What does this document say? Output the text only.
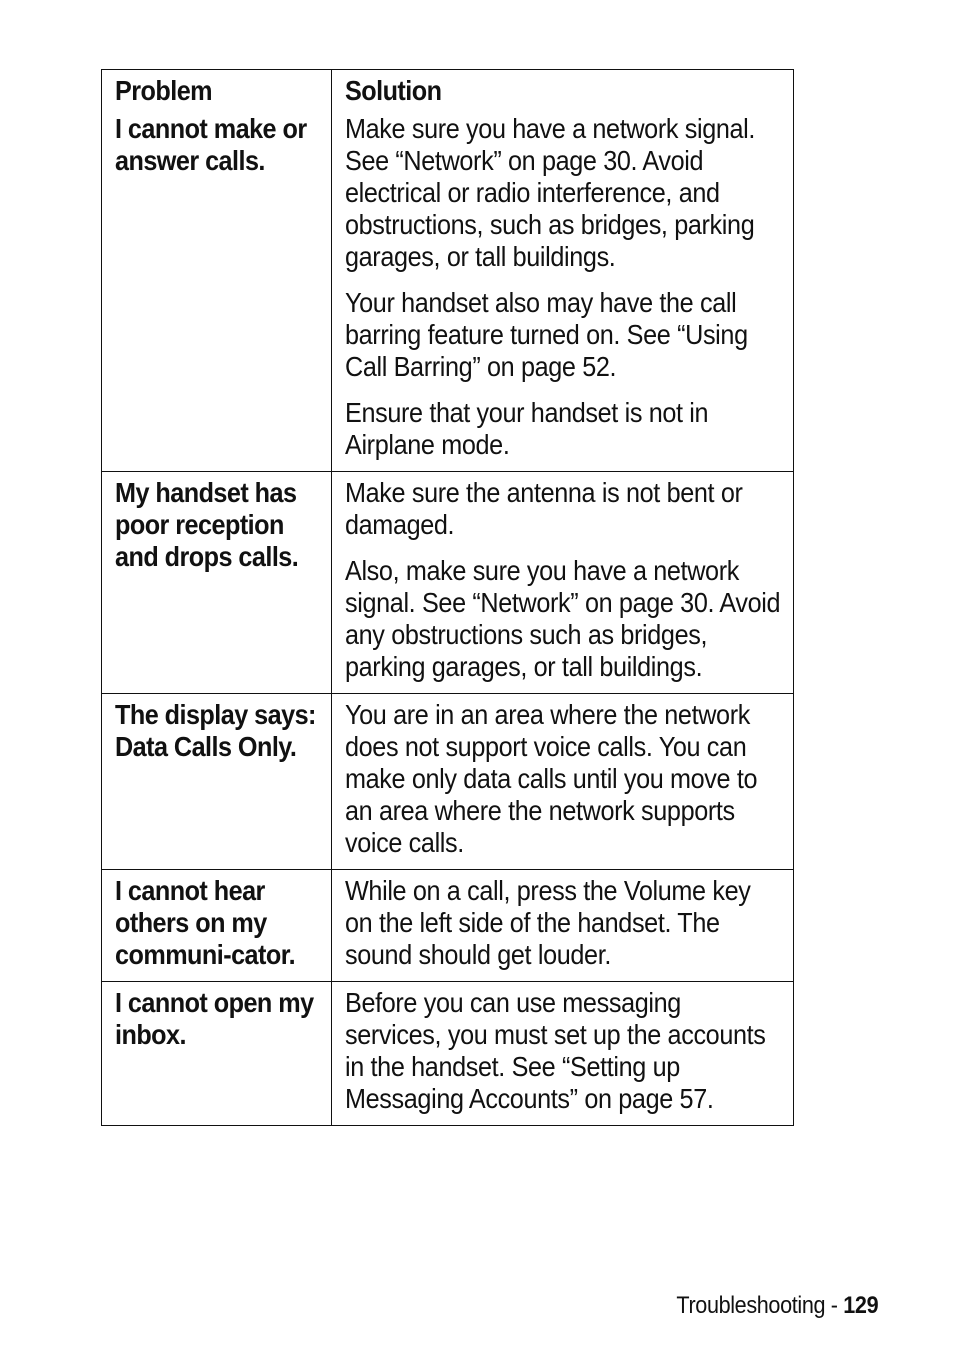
Problem	Solution

I cannot make or answer calls.	Make sure you have a network signal. See “Network” on page 30. Avoid electrical or radio interference, and obstructions, such as bridges, parking garages, or tall buildings.

Your handset also may have the call barring feature turned on. See “Using Call Barring” on page 52.

Ensure that your handset is not in Airplane mode.

My handset has poor reception and drops calls.	Make sure the antenna is not bent or damaged.

Also, make sure you have a network signal. See “Network” on page 30. Avoid any obstructions such as bridges, parking garages, or tall buildings.

The display says: Data Calls Only.	You are in an area where the network does not support voice calls. You can make only data calls until you move to an area where the network supports voice calls.

I cannot hear others on my communi-cator.	While on a call, press the Volume key on the left side of the handset. The sound should get louder.

I cannot open my inbox.	Before you can use messaging services, you must set up the accounts in the handset. See “Setting up Messaging Accounts” on page 57.

Troubleshooting - 129
